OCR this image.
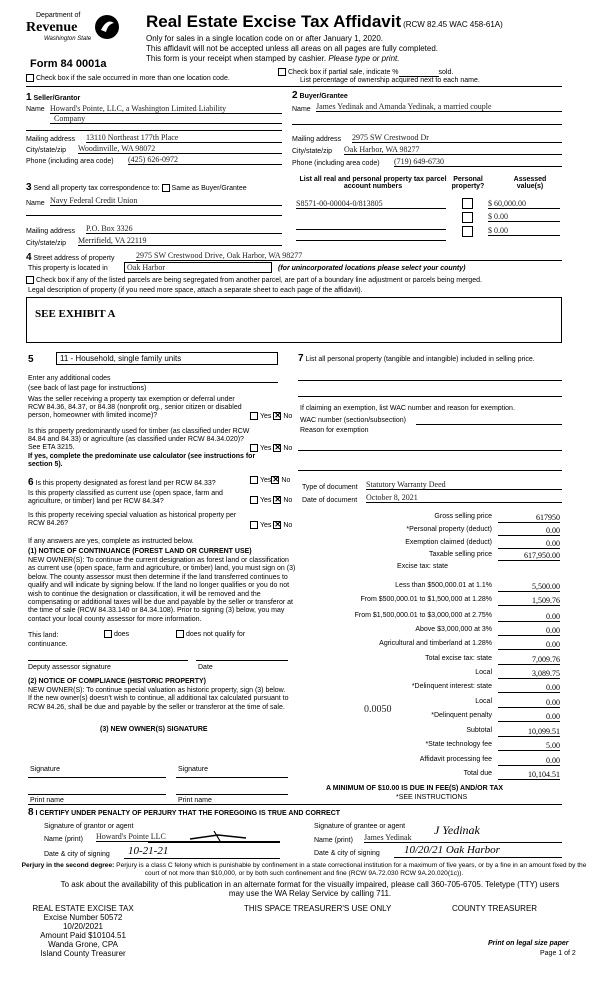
Department of
Revenue
Washington State
Form 84 0001a
Real Estate Excise Tax Affidavit (RCW 82.45 WAC 458-61A)
Only for sales in a single location code on or after January 1, 2020.
This affidavit will not be accepted unless all areas on all pages are fully completed.
This form is your receipt when stamped by cashier. Please type or print.
Check box if the sale occurred in more than one location code.
Check box if partial sale, indicate %	sold.
List percentage of ownership acquired next to each name.
1 Seller/Grantor
Name Howard's Pointe, LLC, a Washington Limited Liability
Company
Mailing address 13110 Northeast 177th Place
City/state/zip Woodinville, WA 98072
Phone (including area code) (425) 626-0972
2 Buyer/Grantee
Name James Yedinak and Amanda Yedinak, a married couple
Mailing address 2975 SW Crestwood Dr
City/state/zip Oak Harbor, WA 98277
Phone (including area code) (719) 649-6730
List all real and personal property tax parcel account numbers
Personal property?
Assessed value(s)
S8571-00-00004-0/813805	$ 60,000.00
$ 0.00
$ 0.00
3 Send all property tax correspondence to: Same as Buyer/Grantee
Name Navy Federal Credit Union
Mailing address P.O. Box 3326
City/state/zip Merrifield, VA 22119
4 Street address of property	2975 SW Crestwood Drive, Oak Harbor, WA 98277
This property is located in	Oak Harbor	(for unincorporated locations please select your county)
Check box if any of the listed parcels are being segregated from another parcel, are part of a boundary line adjustment or parcels being merged.
Legal description of property (if you need more space, attach a separate sheet to each page of the affidavit).
SEE EXHIBIT A
5	11 - Household, single family units
Enter any additional codes
(see back of last page for instructions)
Was the seller receiving a property tax exemption or deferral under RCW 84.36, 84.37, or 84.38 (nonprofit org., senior citizen or disabled person, homeowner with limited income)?	Yes ✕ No
Is this property predominantly used for timber (as classified under RCW 84.84 and 84.33) or agriculture (as classified under RCW 84.34.020)? See ETA 3215.	Yes ✕ No
If yes, complete the predominate use calculator (see instructions for section 5).
6 Is this property designated as forest land per RCW 84.33?	Yes ✕ No
Is this property classified as current use (open space, farm and agriculture, or timber) land per RCW 84.34?	Yes ✕ No
Is this property receiving special valuation as historical property per RCW 84.26?	Yes ✕ No
If any answers are yes, complete as instructed below.
(1) NOTICE OF CONTINUANCE (FOREST LAND OR CURRENT USE)
NEW OWNER(S): To continue the current designation as forest land or classification as current use (open space, farm and agriculture, or timber) land, you must sign on (3) below. The county assessor must then determine if the land transferred continues to qualify and will indicate by signing below. If the land no longer qualifies or you do not wish to continue the designation or classification, it will be removed and the compensating or additional taxes will be due and payable by the seller or transferor at the time of sale (RCW 84.33.140 or 84.34.108). Prior to signing (3) below, you may contact your local county assessor for more information.
This land:	does	does not qualify for
continuance.
Deputy assessor signature	Date
(2) NOTICE OF COMPLIANCE (HISTORIC PROPERTY)
NEW OWNER(S): To continue special valuation as historic property, sign (3) below. If the new owner(s) doesn't wish to continue, all additional tax calculated pursuant to RCW 84.26, shall be due and payable by the seller or transferor at the time of sale.
(3) NEW OWNER(S) SIGNATURE
Signature	Signature
Print name	Print name
7 List all personal property (tangible and intangible) included in selling price.
If claiming an exemption, list WAC number and reason for exemption.
WAC number (section/subsection)
Reason for exemption
Type of document Statutory Warranty Deed
Date of document October 8, 2021
Gross selling price	617950
*Personal property (deduct)	0.00
Exemption claimed (deduct)	0.00
Taxable selling price	617,950.00
Excise tax: state
Less than $500,000.01 at 1.1%	5,500.00
From $500,000.01 to $1,500,000 at 1.28%	1,509.76
From $1,500,000.01 to $3,000,000 at 2.75%	0.00
Above $3,000,000 at 3%	0.00
Agricultural and timberland at 1.28%	0.00
Total excise tax: state	7,009.76
Local	3,089.75
*Delinquent interest: state	0.00
Local	0.00
*Delinquent penalty	0.00
Subtotal	10,099.51
*State technology fee	5.00
Affidavit processing fee	0.00
Total due	10,104.51
0.0050
A MINIMUM OF $10.00 IS DUE IN FEE(S) AND/OR TAX
*SEE INSTRUCTIONS
8 I CERTIFY UNDER PENALTY OF PERJURY THAT THE FOREGOING IS TRUE AND CORRECT
Signature of grantor or agent	Signature of grantee or agent J Yedinak
Name (print) Howard's Pointe LLC	Name (print) James Yedinak
Date & city of signing	10-21-21	Date & city of signing	10/20/21 Oak Harbor
Perjury in the second degree: Perjury is a class C felony which is punishable by confinement in a state correctional institution for a maximum of five years, or by a fine in an amount fixed by the court of not more than $10,000, or by both such confinement and fine (RCW 9A.72.030 RCW 9A.20.020(1c)).
To ask about the availability of this publication in an alternate format for the visually impaired, please call 360-705-6705. Teletype (TTY) users may use the WA Relay Service by calling 711.
REAL ESTATE EXCISE TAX
Excise Number 50572
10/20/2021
Amount Paid $10104.51
Wanda Grone, CPA
Island County Treasurer
THIS SPACE TREASURER'S USE ONLY	COUNTY TREASURER
Print on legal size paper
Page 1 of 2
